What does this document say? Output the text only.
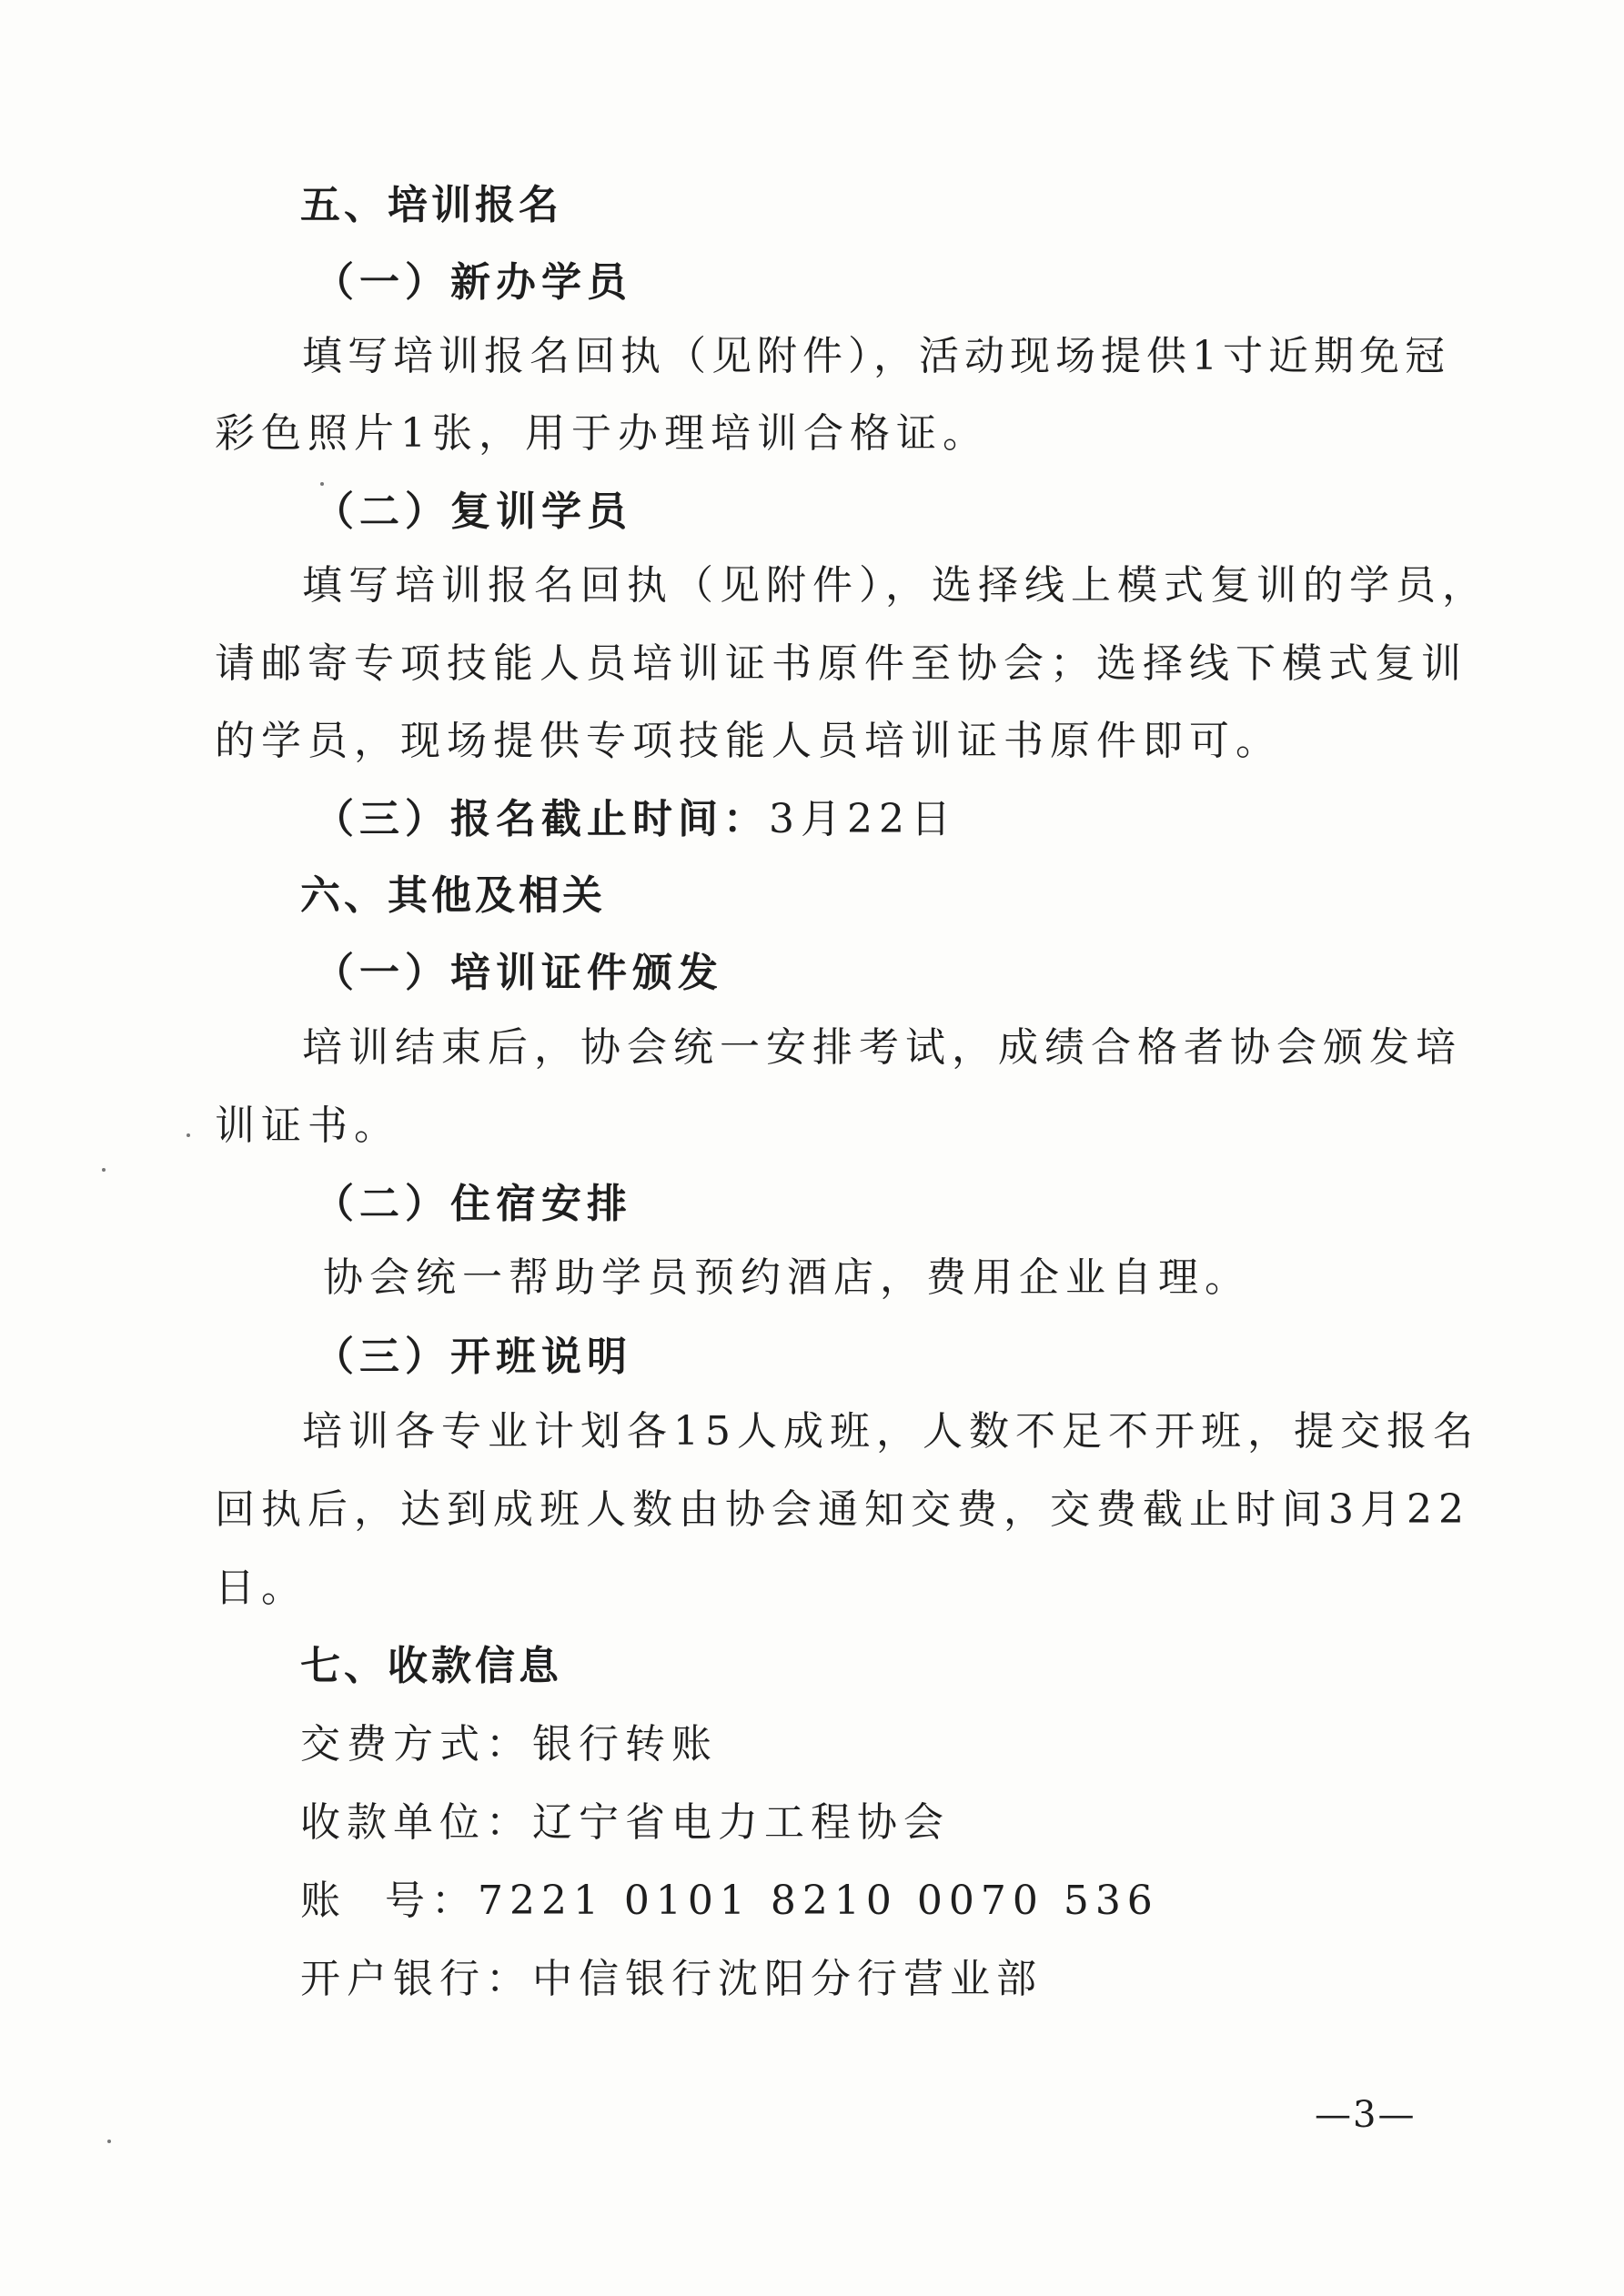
五、培训报名
（一）新办学员
填写培训报名回执（见附件），活动现场提供1寸近期免冠
彩色照片1张，用于办理培训合格证。
（二）复训学员
填写培训报名回执（见附件），选择线上模式复训的学员，
请邮寄专项技能人员培训证书原件至协会；选择线下模式复训
的学员，现场提供专项技能人员培训证书原件即可。
（三）报名截止时间：3月22日
六、其他及相关
（一）培训证件颁发
培训结束后，协会统一安排考试，成绩合格者协会颁发培
训证书。
（二）住宿安排
协会统一帮助学员预约酒店，费用企业自理。
（三）开班说明
培训各专业计划各15人成班，人数不足不开班，提交报名
回执后，达到成班人数由协会通知交费，交费截止时间3月22
日。
七、收款信息
交费方式：银行转账
收款单位：辽宁省电力工程协会
账  号：7221 0101 8210 0070 536
开户银行：中信银行沈阳分行营业部
—3—
